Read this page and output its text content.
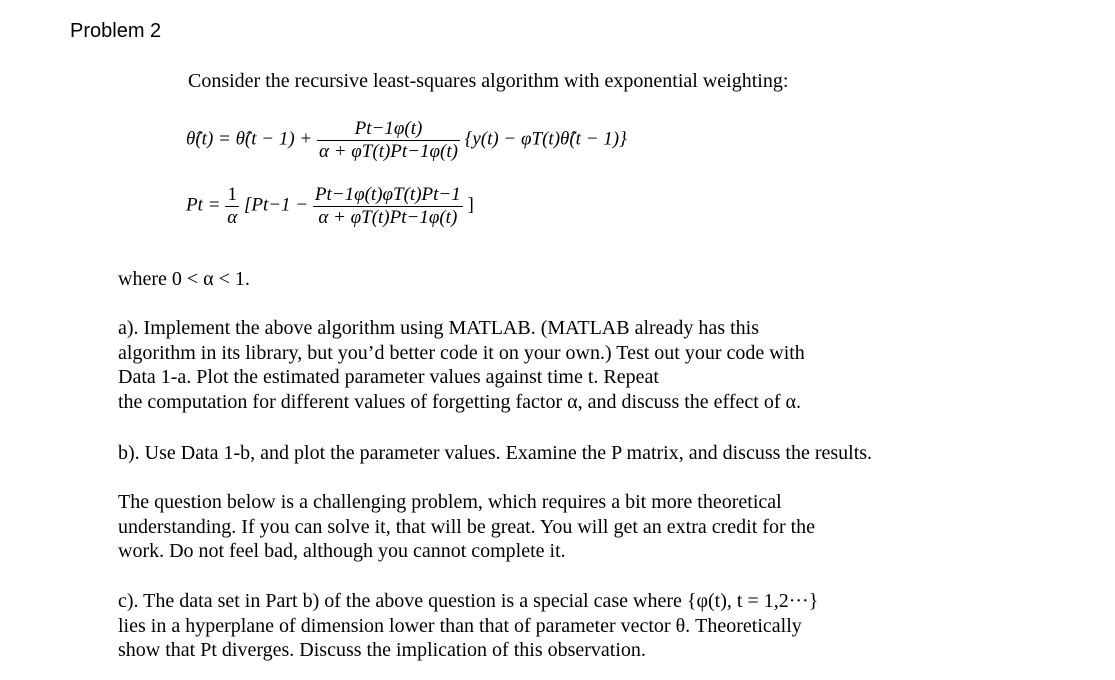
Problem 2
Consider the recursive least-squares algorithm with exponential weighting:
θ̂(t) = θ̂(t − $1) + \frac{Pt-1\varphi(t)}{\alpha + \varphi T(t)Pt-1\varphi(t)} \{y(t)$ − φT(t)θ̂(t − 1)}
$Pt = \frac{1}{\alpha} [Pt-1 - \frac{Pt-1\varphi(t)\varphi T(t)Pt-1}{\alpha + \varphi T(t)Pt-1\varphi(t)}$ ]
where 0 < α < 1.
a). Implement the above algorithm using MATLAB. (MATLAB already has this
algorithm in its library, but you’d better code it on your own.) Test out your code with
Data 1-a. Plot the estimated parameter values against time t. Repeat
the computation for different values of forgetting factor α, and discuss the effect of α.
b). Use Data 1-b, and plot the parameter values. Examine the P matrix, and discuss the results.
The question below is a challenging problem, which requires a bit more theoretical
understanding. If you can solve it, that will be great. You will get an extra credit for the
work. Do not feel bad, although you cannot complete it.
c). The data set in Part b) of the above question is a special case where {φ(t), t = 1,2···}
lies in a hyperplane of dimension lower than that of parameter vector θ. Theoretically
show that Pt diverges. Discuss the implication of this observation.
